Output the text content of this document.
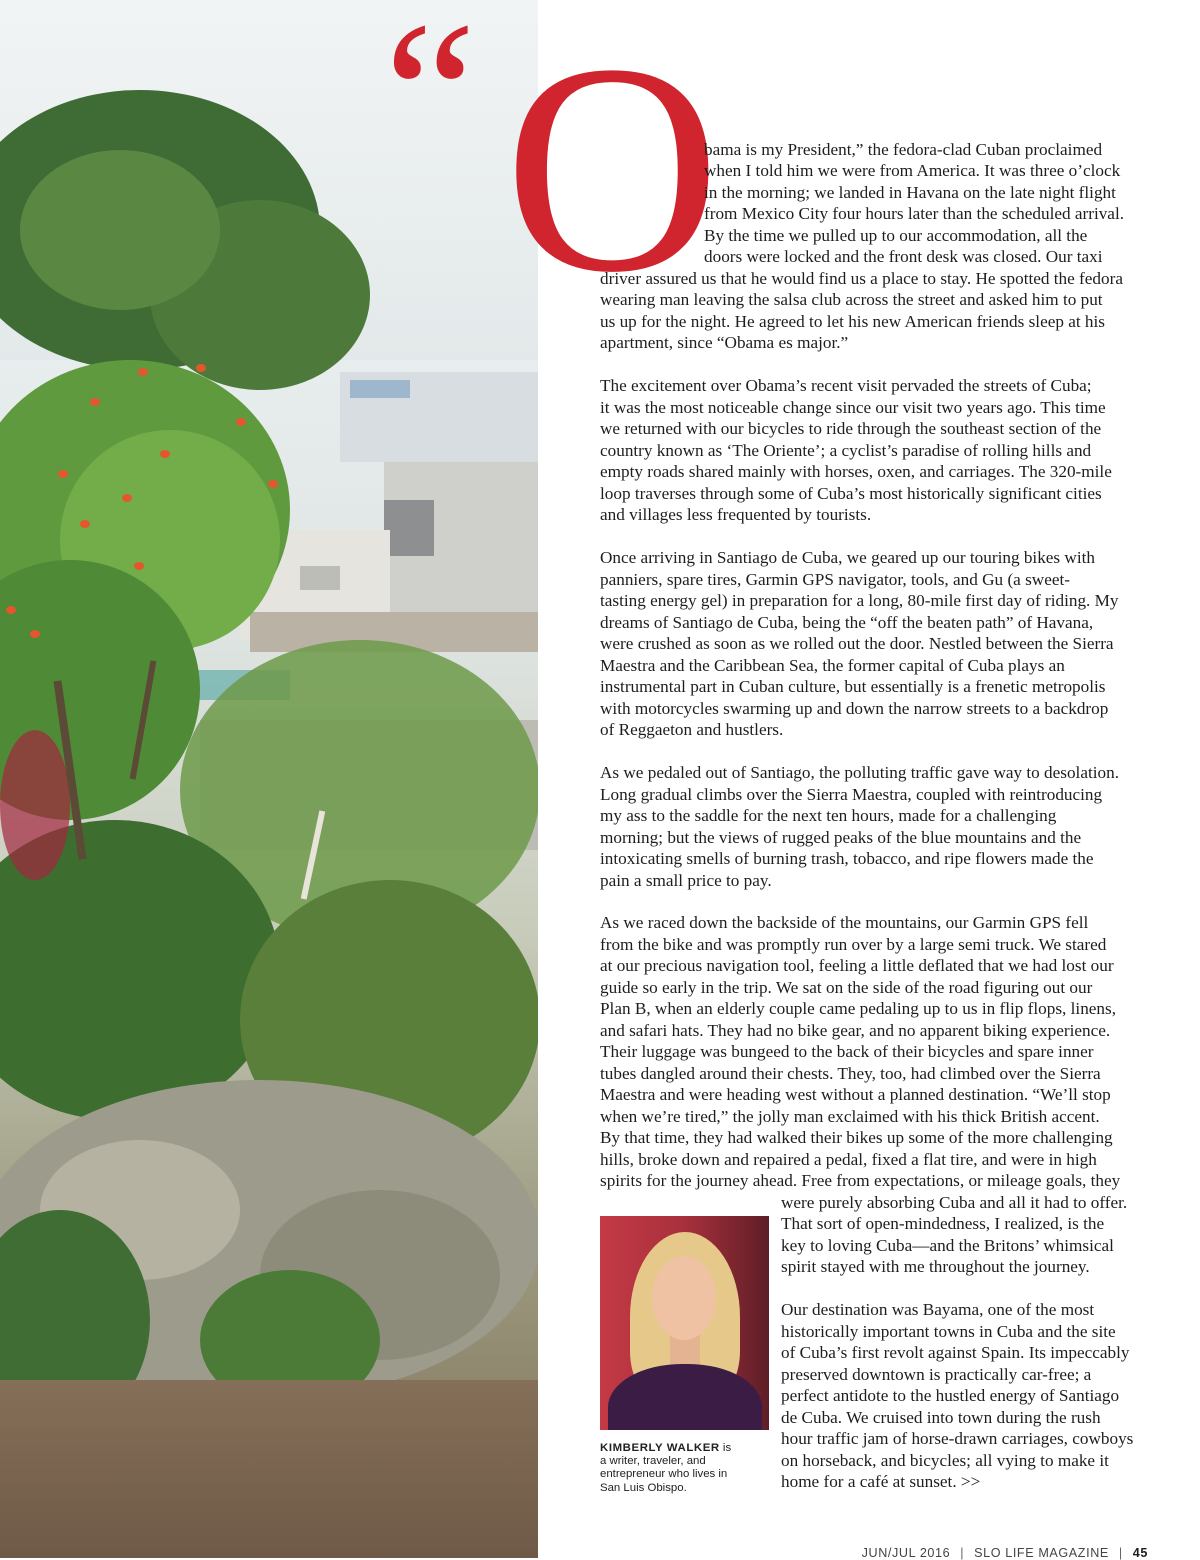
“ O
bama is my President,” the fedora-clad Cuban proclaimed
when I told him we were from America. It was three o’clock
in the morning; we landed in Havana on the late night flight
from Mexico City four hours later than the scheduled arrival.
By the time we pulled up to our accommodation, all the
doors were locked and the front desk was closed. Our taxi
driver assured us that he would find us a place to stay. He spotted the fedora
wearing man leaving the salsa club across the street and asked him to put
us up for the night. He agreed to let his new American friends sleep at his
apartment, since “Obama es major.”
The excitement over Obama’s recent visit pervaded the streets of Cuba;
it was the most noticeable change since our visit two years ago. This time
we returned with our bicycles to ride through the southeast section of the
country known as ‘The Oriente’; a cyclist’s paradise of rolling hills and
empty roads shared mainly with horses, oxen, and carriages. The 320-mile
loop traverses through some of Cuba’s most historically significant cities
and villages less frequented by tourists.
Once arriving in Santiago de Cuba, we geared up our touring bikes with
panniers, spare tires, Garmin GPS navigator, tools, and Gu (a sweet-
tasting energy gel) in preparation for a long, 80-mile first day of riding. My
dreams of Santiago de Cuba, being the “off the beaten path” of Havana,
were crushed as soon as we rolled out the door. Nestled between the Sierra
Maestra and the Caribbean Sea, the former capital of Cuba plays an
instrumental part in Cuban culture, but essentially is a frenetic metropolis
with motorcycles swarming up and down the narrow streets to a backdrop
of Reggaeton and hustlers.
As we pedaled out of Santiago, the polluting traffic gave way to desolation.
Long gradual climbs over the Sierra Maestra, coupled with reintroducing
my ass to the saddle for the next ten hours, made for a challenging
morning; but the views of rugged peaks of the blue mountains and the
intoxicating smells of burning trash, tobacco, and ripe flowers made the
pain a small price to pay.
As we raced down the backside of the mountains, our Garmin GPS fell
from the bike and was promptly run over by a large semi truck. We stared
at our precious navigation tool, feeling a little deflated that we had lost our
guide so early in the trip. We sat on the side of the road figuring out our
Plan B, when an elderly couple came pedaling up to us in flip flops, linens,
and safari hats. They had no bike gear, and no apparent biking experience.
Their luggage was bungeed to the back of their bicycles and spare inner
tubes dangled around their chests. They, too, had climbed over the Sierra
Maestra and were heading west without a planned destination. “We’ll stop
when we’re tired,” the jolly man exclaimed with his thick British accent.
By that time, they had walked their bikes up some of the more challenging
hills, broke down and repaired a pedal, fixed a flat tire, and were in high
spirits for the journey ahead. Free from expectations, or mileage goals, they
were purely absorbing Cuba and all it had to offer.
That sort of open-mindedness, I realized, is the
key to loving Cuba—and the Britons’ whimsical
spirit stayed with me throughout the journey.
Our destination was Bayama, one of the most
historically important towns in Cuba and the site
of Cuba’s first revolt against Spain. Its impeccably
preserved downtown is practically car-free; a
perfect antidote to the hustled energy of Santiago
de Cuba. We cruised into town during the rush
hour traffic jam of horse-drawn carriages, cowboys
on horseback, and bicycles; all vying to make it
home for a café at sunset. >>
KIMBERLY WALKER is
a writer, traveler, and
entrepreneur who lives in
San Luis Obispo.
JUN/JUL 2016 | SLO LIFE MAGAZINE | 45
